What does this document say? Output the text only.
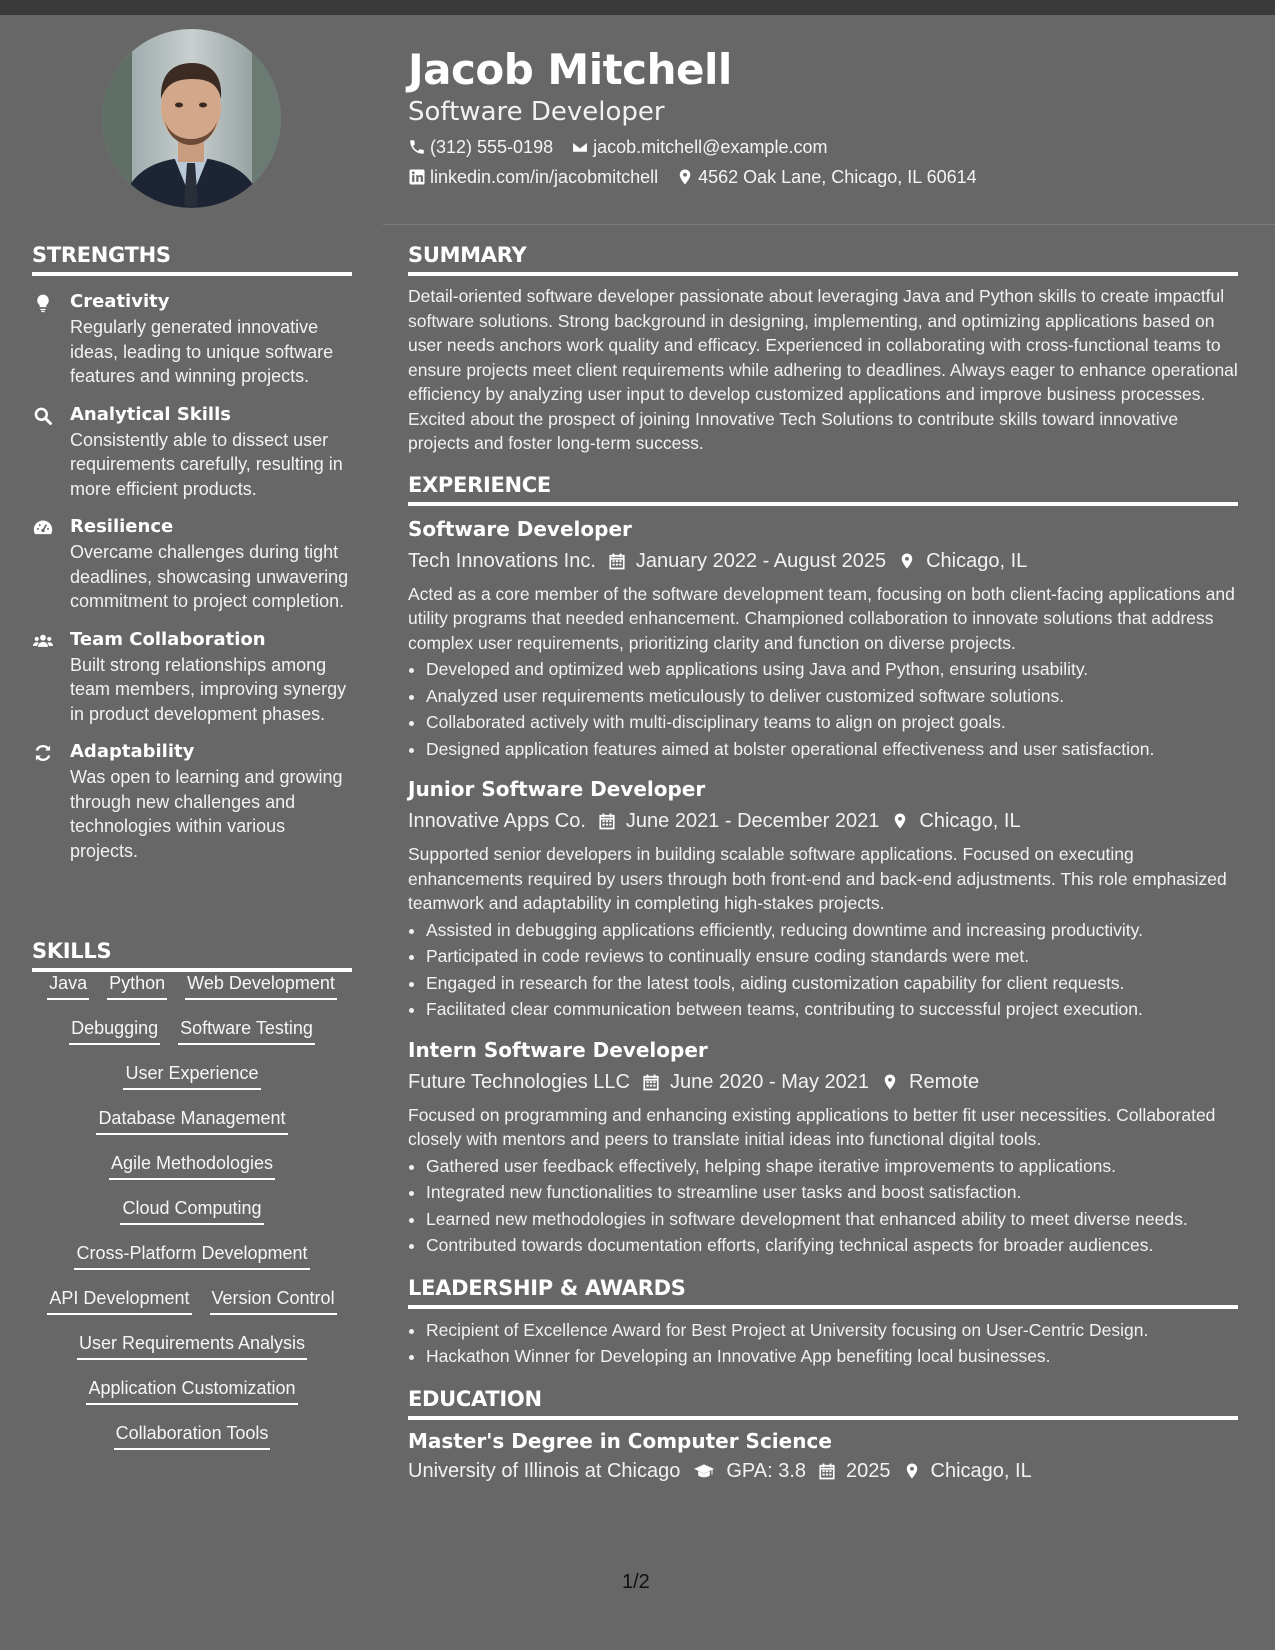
Jacob Mitchell
Software Developer
(312) 555-0198 jacob.mitchell@example.com
linkedin.com/in/jacobmitchell 4562 Oak Lane, Chicago, IL 60614
STRENGTHS
Creativity
Regularly generated innovative ideas, leading to unique software features and winning projects.
Analytical Skills
Consistently able to dissect user requirements carefully, resulting in more efficient products.
Resilience
Overcame challenges during tight deadlines, showcasing unwavering commitment to project completion.
Team Collaboration
Built strong relationships among team members, improving synergy in product development phases.
Adaptability
Was open to learning and growing through new challenges and technologies within various projects.
SKILLS
Java Python Web Development
Debugging Software Testing
User Experience
Database Management
Agile Methodologies
Cloud Computing
Cross-Platform Development
API Development Version Control
User Requirements Analysis
Application Customization
Collaboration Tools
SUMMARY
Detail-oriented software developer passionate about leveraging Java and Python skills to create impactful software solutions. Strong background in designing, implementing, and optimizing applications based on user needs anchors work quality and efficacy. Experienced in collaborating with cross-functional teams to ensure projects meet client requirements while adhering to deadlines. Always eager to enhance operational efficiency by analyzing user input to develop customized applications and improve business processes. Excited about the prospect of joining Innovative Tech Solutions to contribute skills toward innovative projects and foster long-term success.
EXPERIENCE
Software Developer
Tech Innovations Inc. January 2022 - August 2025 Chicago, IL
Acted as a core member of the software development team, focusing on both client-facing applications and utility programs that needed enhancement. Championed collaboration to innovate solutions that address complex user requirements, prioritizing clarity and function on diverse projects.
• Developed and optimized web applications using Java and Python, ensuring usability.
• Analyzed user requirements meticulously to deliver customized software solutions.
• Collaborated actively with multi-disciplinary teams to align on project goals.
• Designed application features aimed at bolster operational effectiveness and user satisfaction.
Junior Software Developer
Innovative Apps Co. June 2021 - December 2021 Chicago, IL
Supported senior developers in building scalable software applications. Focused on executing enhancements required by users through both front-end and back-end adjustments. This role emphasized teamwork and adaptability in completing high-stakes projects.
• Assisted in debugging applications efficiently, reducing downtime and increasing productivity.
• Participated in code reviews to continually ensure coding standards were met.
• Engaged in research for the latest tools, aiding customization capability for client requests.
• Facilitated clear communication between teams, contributing to successful project execution.
Intern Software Developer
Future Technologies LLC June 2020 - May 2021 Remote
Focused on programming and enhancing existing applications to better fit user necessities. Collaborated closely with mentors and peers to translate initial ideas into functional digital tools.
• Gathered user feedback effectively, helping shape iterative improvements to applications.
• Integrated new functionalities to streamline user tasks and boost satisfaction.
• Learned new methodologies in software development that enhanced ability to meet diverse needs.
• Contributed towards documentation efforts, clarifying technical aspects for broader audiences.
LEADERSHIP & AWARDS
• Recipient of Excellence Award for Best Project at University focusing on User-Centric Design.
• Hackathon Winner for Developing an Innovative App benefiting local businesses.
EDUCATION
Master's Degree in Computer Science
University of Illinois at Chicago GPA: 3.8 2025 Chicago, IL
1/2
